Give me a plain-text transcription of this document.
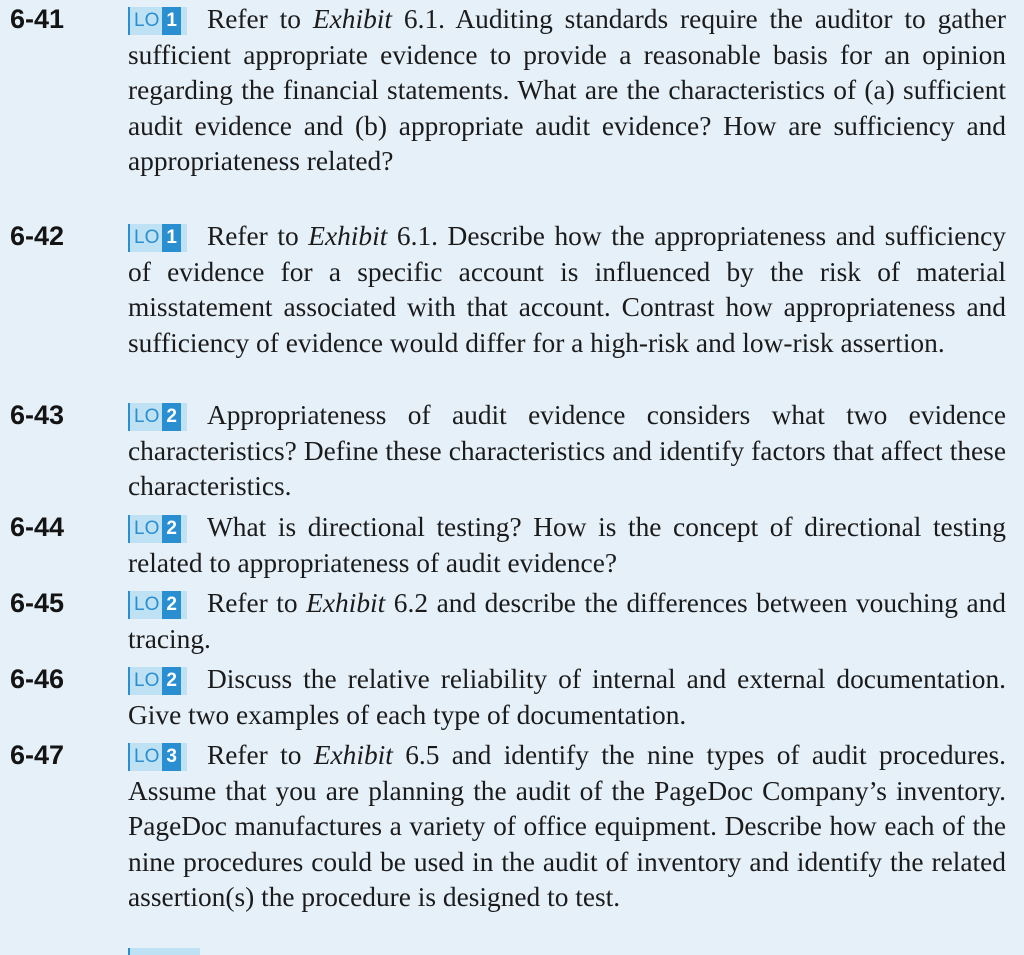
6-41	LO 1 Refer to Exhibit 6.1. Auditing standards require the auditor to gather sufficient appropriate evidence to provide a reasonable basis for an opinion regarding the financial statements. What are the characteristics of (a) sufficient audit evidence and (b) appropriate audit evidence? How are sufficiency and appropriateness related?
6-42	LO 1 Refer to Exhibit 6.1. Describe how the appropriateness and sufficiency of evidence for a specific account is influenced by the risk of material misstatement associated with that account. Contrast how appropriateness and sufficiency of evidence would differ for a high-risk and low-risk assertion.
6-43	LO 2 Appropriateness of audit evidence considers what two evidence characteristics? Define these characteristics and identify factors that affect these characteristics.
6-44	LO 2 What is directional testing? How is the concept of directional testing related to appropriateness of audit evidence?
6-45	LO 2 Refer to Exhibit 6.2 and describe the differences between vouching and tracing.
6-46	LO 2 Discuss the relative reliability of internal and external documentation. Give two examples of each type of documentation.
6-47	LO 3 Refer to Exhibit 6.5 and identify the nine types of audit procedures. Assume that you are planning the audit of the PageDoc Company’s inventory. PageDoc manufactures a variety of office equipment. Describe how each of the nine procedures could be used in the audit of inventory and identify the related assertion(s) the procedure is designed to test.
